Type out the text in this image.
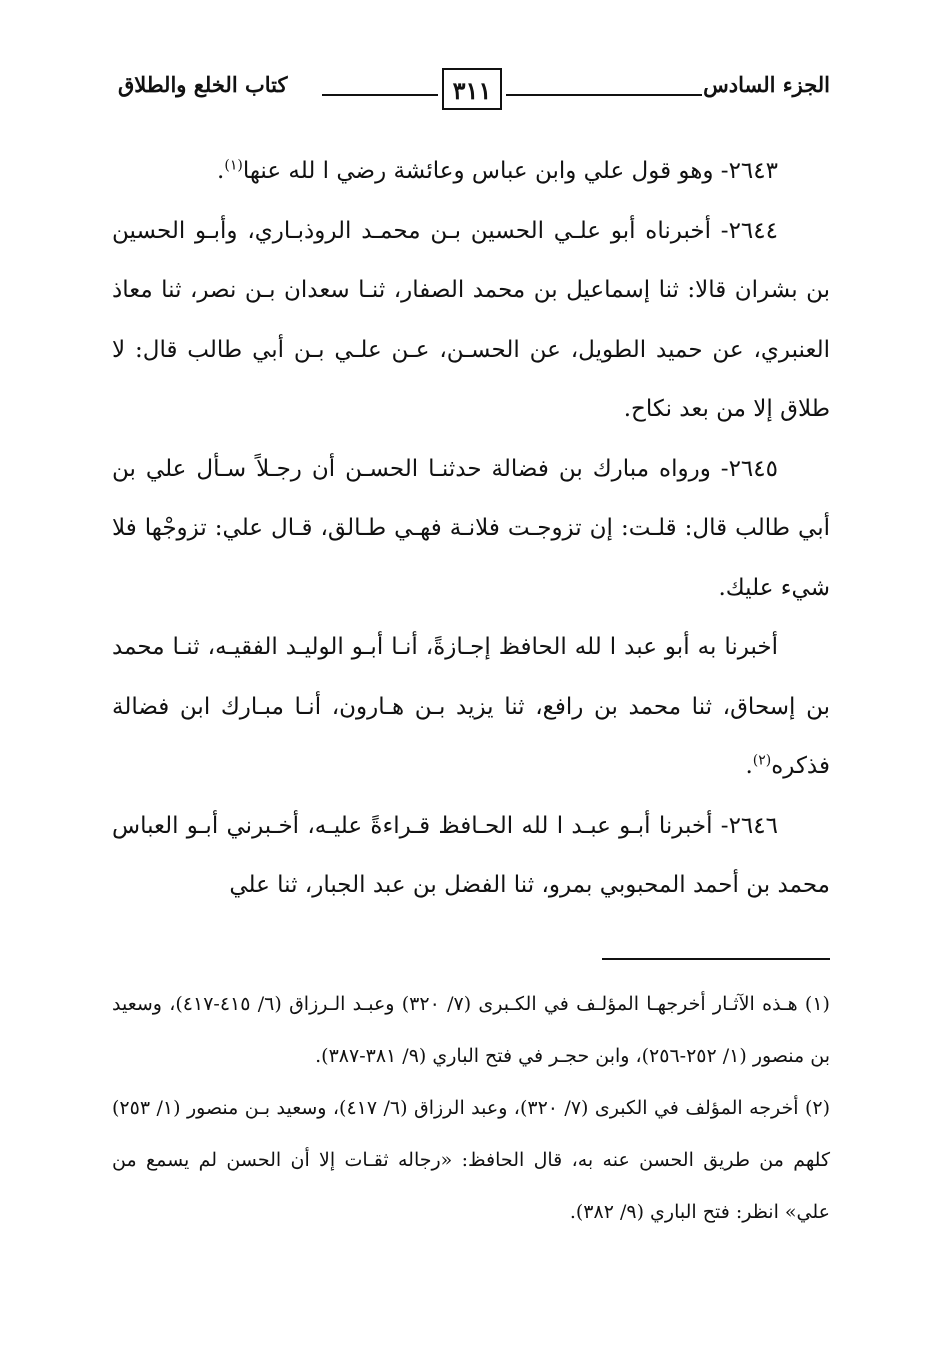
الجزء السادس
٣١١
كتاب الخلع والطلاق

٢٦٤٣- وهو قول علي وابن عباس وعائشة رضي ا لله عنها$^{(١)}$.

٢٦٤٤- أخبرناه أبو علـي الحسين بـن محمـد الروذبـاري، وأبـو الحسين بن بشران قالا: ثنا إسماعيل بن محمد الصفار، ثنـا سعدان بـن نصر، ثنا معاذ العنبري، عن حميد الطويل، عن الحسـن، عـن علـي بـن أبي طالب قال: لا طلاق إلا من بعد نكاح.

٢٦٤٥- ورواه مبارك بن فضالة حدثنـا الحسـن أن رجـلاً سـأل علي بن أبي طالب قال: قلـت: إن تزوجـت فلانـة فهـي طـالق، قـال علي: تزوجْها فلا شيء عليك.

أخبرنا به أبو عبد ا لله الحافظ إجـازةً، أنـا أبـو الوليـد الفقيـه، ثنـا محمد بن إسحاق، ثنا محمد بن رافع، ثنا يزيد بـن هـارون، أنـا مبـارك ابن فضالة فذكره$^{(٢)}$.

٢٦٤٦- أخبرنا أبـو عبـد ا لله الحـافظ قـراءةً عليـه، أخـبرني أبـو العباس محمد بن أحمد المحبوبي بمرو، ثنا الفضل بن عبد الجبار، ثنا علي

(١) هـذه الآثـار أخرجهـا المؤلـف في الكـبرى (٧/ ٣٢٠) وعبـد الـرزاق (٦/ ٤١٥-٤١٧)، وسعيد بن منصور (١/ ٢٥٢-٢٥٦)، وابن حجـر في فتح الباري (٩/ ٣٨١-٣٨٧).

(٢) أخرجه المؤلف في الكبرى (٧/ ٣٢٠)، وعبد الرزاق (٦/ ٤١٧)، وسعيد بـن منصور (١/ ٢٥٣) كلهم من طريق الحسن عنه به، قال الحافظ: «رجاله ثقـات إلا أن الحسن لم يسمع من علي» انظر: فتح الباري (٩/ ٣٨٢).
